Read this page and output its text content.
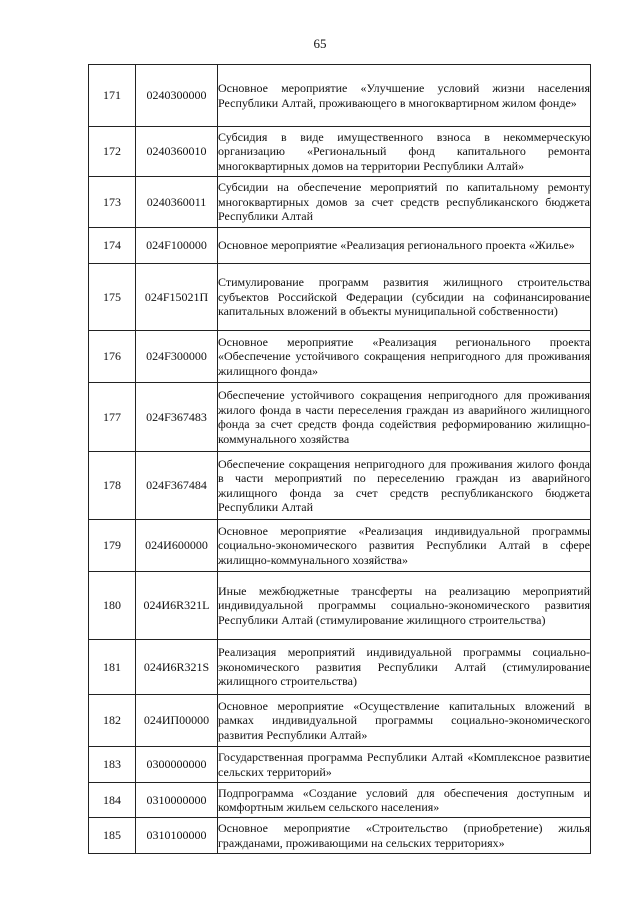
65
171	0240300000	Основное мероприятие «Улучшение условий жизни населения Республики Алтай, проживающего в многоквартирном жилом фонде»

172	0240360010	Субсидия в виде имущественного взноса в некоммерческую организацию «Региональный фонд капитального ремонта многоквартирных домов на территории Республики Алтай»

173	0240360011	Субсидии на обеспечение мероприятий по капитальному ремонту многоквартирных домов за счет средств республиканского бюджета Республики Алтай

174	024F100000	Основное мероприятие «Реализация регионального проекта «Жилье»

175	024F15021П	Стимулирование программ развития жилищного строительства субъектов Российской Федерации (субсидии на софинансирование капитальных вложений в объекты муниципальной собственности)

176	024F300000	Основное мероприятие «Реализация регионального проекта «Обеспечение устойчивого сокращения непригодного для проживания жилищного фонда»

177	024F367483	Обеспечение устойчивого сокращения непригодного для проживания жилого фонда в части переселения граждан из аварийного жилищного фонда за счет средств фонда содействия реформированию жилищно-коммунального хозяйства

178	024F367484	Обеспечение сокращения непригодного для проживания жилого фонда в части мероприятий по переселению граждан из аварийного жилищного фонда за счет средств республиканского бюджета Республики Алтай

179	024И600000	Основное мероприятие «Реализация индивидуальной программы социально-экономического развития Республики Алтай в сфере жилищно-коммунального хозяйства»

180	024И6R321L	Иные межбюджетные трансферты на реализацию мероприятий индивидуальной программы социально-экономического развития Республики Алтай (стимулирование жилищного строительства)

181	024И6R321S	Реализация мероприятий индивидуальной программы социально-экономического развития Республики Алтай (стимулирование жилищного строительства)

182	024ИП00000	Основное мероприятие «Осуществление капитальных вложений в рамках индивидуальной программы социально-экономического развития Республики Алтай»

183	0300000000	Государственная программа Республики Алтай «Комплексное развитие сельских территорий»

184	0310000000	Подпрограмма «Создание условий для обеспечения доступным и комфортным жильем сельского населения»

185	0310100000	Основное мероприятие «Строительство (приобретение) жилья гражданами, проживающими на сельских территориях»
